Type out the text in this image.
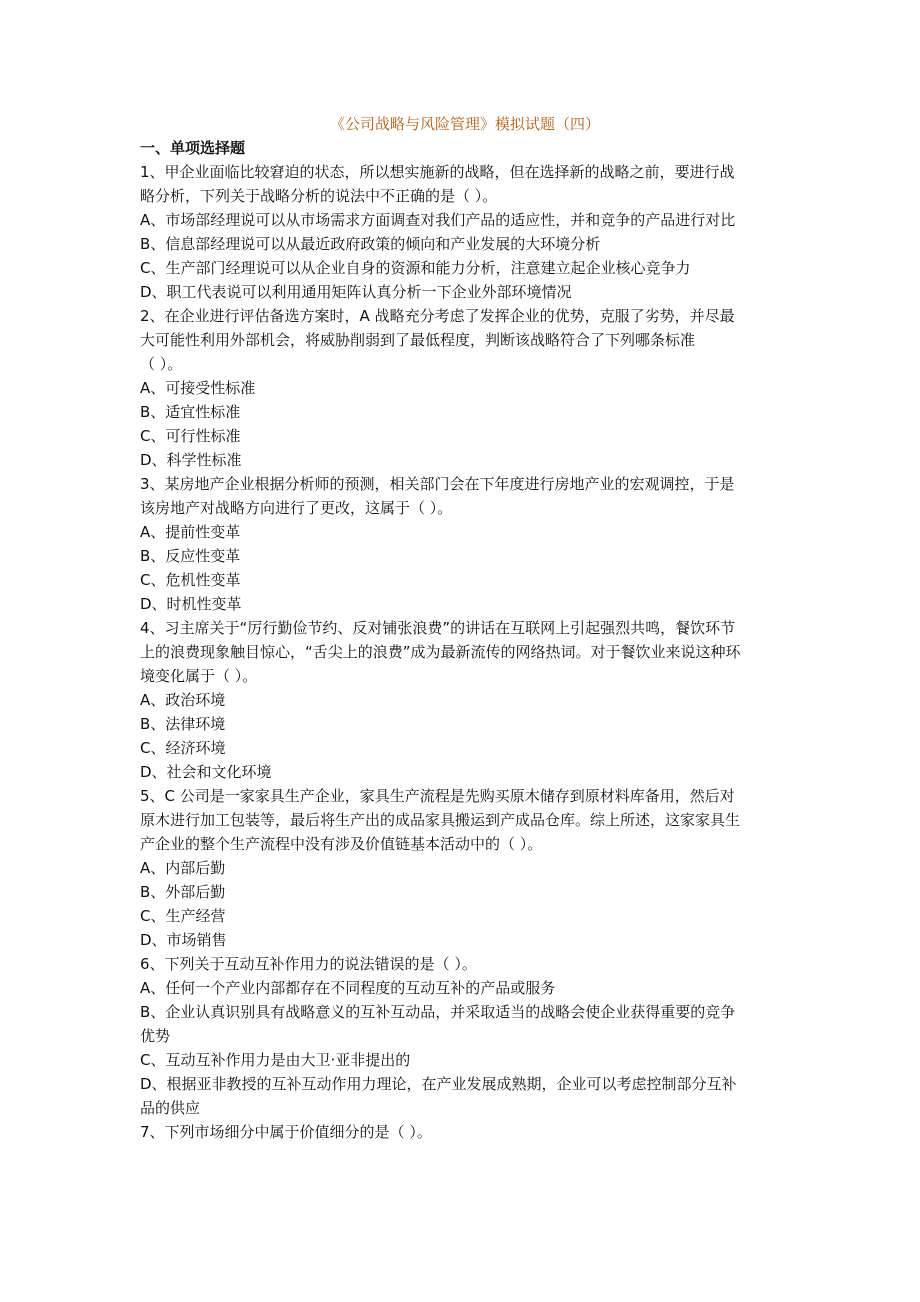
《公司战略与风险管理》模拟试题（四）
一、单项选择题
1、甲企业面临比较窘迫的状态，所以想实施新的战略，但在选择新的战略之前，要进行战
略分析，下列关于战略分析的说法中不正确的是（ ）。
A、市场部经理说可以从市场需求方面调查对我们产品的适应性，并和竞争的产品进行对比
B、信息部经理说可以从最近政府政策的倾向和产业发展的大环境分析
C、生产部门经理说可以从企业自身的资源和能力分析，注意建立起企业核心竞争力
D、职工代表说可以利用通用矩阵认真分析一下企业外部环境情况
2、在企业进行评估备选方案时，A 战略充分考虑了发挥企业的优势，克服了劣势，并尽最
大可能性利用外部机会，将威胁削弱到了最低程度，判断该战略符合了下列哪条标准
（ ）。
A、可接受性标准
B、适宜性标准
C、可行性标准
D、科学性标准
3、某房地产企业根据分析师的预测，相关部门会在下年度进行房地产业的宏观调控，于是
该房地产对战略方向进行了更改，这属于（ ）。
A、提前性变革
B、反应性变革
C、危机性变革
D、时机性变革
4、习主席关于“厉行勤俭节约、反对铺张浪费”的讲话在互联网上引起强烈共鸣，餐饮环节
上的浪费现象触目惊心，“舌尖上的浪费”成为最新流传的网络热词。对于餐饮业来说这种环
境变化属于（ ）。
A、政治环境
B、法律环境
C、经济环境
D、社会和文化环境
5、C 公司是一家家具生产企业，家具生产流程是先购买原木储存到原材料库备用，然后对
原木进行加工包装等，最后将生产出的成品家具搬运到产成品仓库。综上所述，这家家具生
产企业的整个生产流程中没有涉及价值链基本活动中的（ ）。
A、内部后勤
B、外部后勤
C、生产经营
D、市场销售
6、下列关于互动互补作用力的说法错误的是（ ）。
A、任何一个产业内部都存在不同程度的互动互补的产品或服务
B、企业认真识别具有战略意义的互补互动品，并采取适当的战略会使企业获得重要的竞争
优势
C、互动互补作用力是由大卫·亚非提出的
D、根据亚非教授的互补互动作用力理论，在产业发展成熟期，企业可以考虑控制部分互补
品的供应
7、下列市场细分中属于价值细分的是（ ）。
